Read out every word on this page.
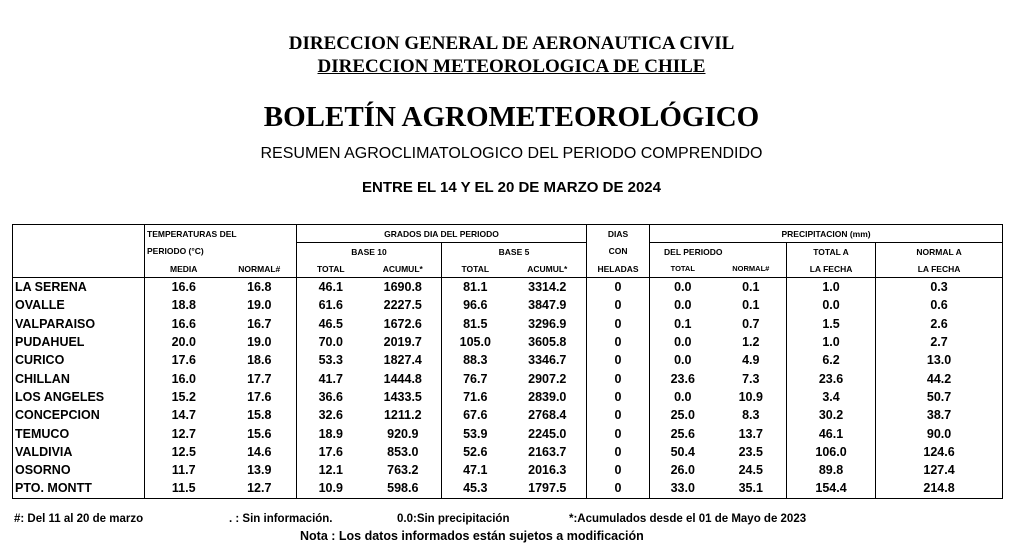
DIRECCION GENERAL DE AERONAUTICA CIVIL
DIRECCION METEOROLOGICA DE CHILE
BOLETÍN AGROMETEOROLÓGICO
RESUMEN AGROCLIMATOLOGICO DEL PERIODO COMPRENDIDO
ENTRE EL 14 Y EL 20 DE MARZO DE 2024
	TEMPERATURAS DEL		GRADOS DIA DEL PERIODO				DIAS	PRECIPITACION (mm)			
	PERIODO (°C)		BASE 10		BASE 5		CON	DEL PERIODO		TOTAL A	NORMAL A
	MEDIA	NORMAL#	TOTAL	ACUMUL*	TOTAL	ACUMUL*	HELADAS	TOTAL	NORMAL#	LA FECHA	LA FECHA
LA SERENA	16.6	16.8	46.1	1690.8	81.1	3314.2	0	0.0	0.1	1.0	0.3
OVALLE	18.8	19.0	61.6	2227.5	96.6	3847.9	0	0.0	0.1	0.0	0.6
VALPARAISO	16.6	16.7	46.5	1672.6	81.5	3296.9	0	0.1	0.7	1.5	2.6
PUDAHUEL	20.0	19.0	70.0	2019.7	105.0	3605.8	0	0.0	1.2	1.0	2.7
CURICO	17.6	18.6	53.3	1827.4	88.3	3346.7	0	0.0	4.9	6.2	13.0
CHILLAN	16.0	17.7	41.7	1444.8	76.7	2907.2	0	23.6	7.3	23.6	44.2
LOS ANGELES	15.2	17.6	36.6	1433.5	71.6	2839.0	0	0.0	10.9	3.4	50.7
CONCEPCION	14.7	15.8	32.6	1211.2	67.6	2768.4	0	25.0	8.3	30.2	38.7
TEMUCO	12.7	15.6	18.9	920.9	53.9	2245.0	0	25.6	13.7	46.1	90.0
VALDIVIA	12.5	14.6	17.6	853.0	52.6	2163.7	0	50.4	23.5	106.0	124.6
OSORNO	11.7	13.9	12.1	763.2	47.1	2016.3	0	26.0	24.5	89.8	127.4
PTO. MONTT	11.5	12.7	10.9	598.6	45.3	1797.5	0	33.0	35.1	154.4	214.8
#: Del 11 al 20 de marzo	. : Sin información.	0.0:Sin precipitación	*:Acumulados desde el 01 de Mayo de 2023
Nota : Los datos informados están sujetos a modificación
